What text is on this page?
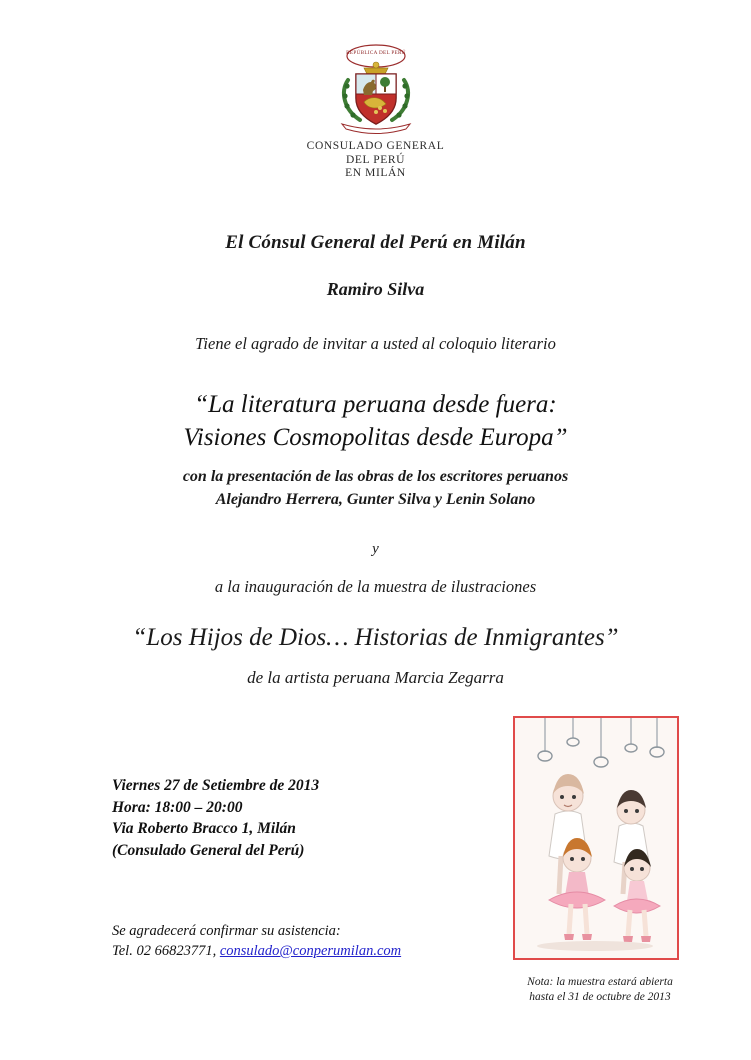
REPÚBLICA DEL PERÚ
CONSULADO GENERAL
DEL PERÚ
EN MILÁN
El Cónsul General del Perú en Milán
Ramiro Silva
Tiene el agrado de invitar a usted al coloquio literario
“La literatura peruana desde fuera:
Visiones Cosmopolitas desde Europa”
con la presentación de las obras de los escritores peruanos
Alejandro Herrera, Gunter Silva y Lenin Solano
y
a la inauguración de la muestra de ilustraciones
“Los Hijos de Dios… Historias de Inmigrantes”
de la artista peruana Marcia Zegarra
Viernes 27 de Setiembre de 2013
Hora: 18:00 – 20:00
Via Roberto Bracco 1, Milán
(Consulado General del Perú)
Se agradecerá confirmar su asistencia:
Tel. 02 66823771, consulado@conperumilan.com
Nota: la muestra estará abierta
hasta el 31 de octubre de 2013
